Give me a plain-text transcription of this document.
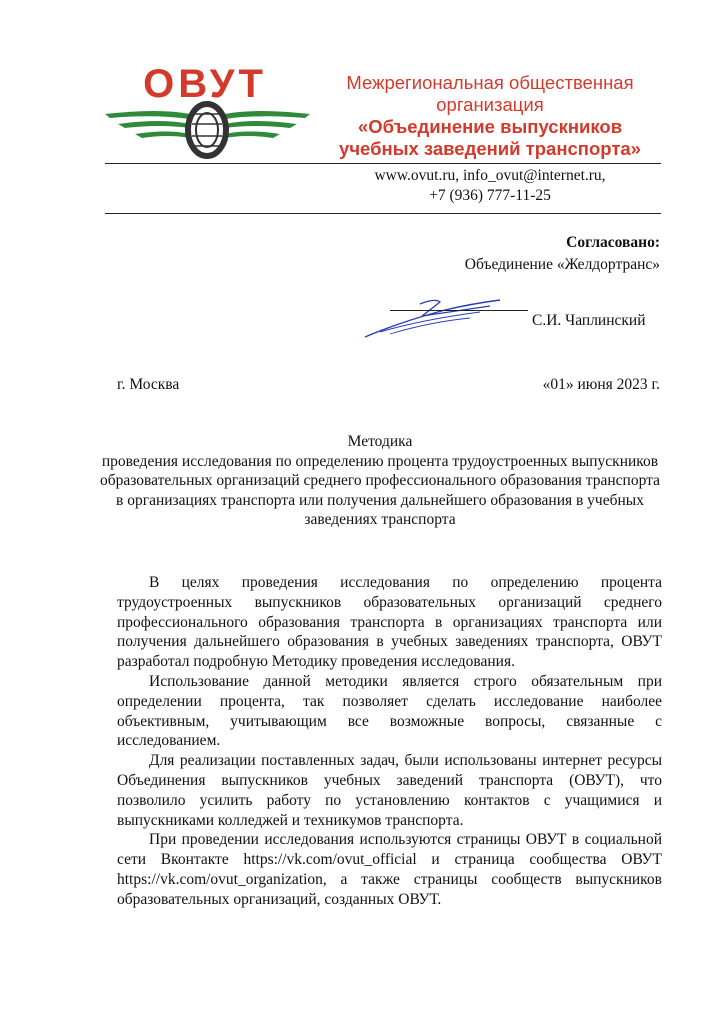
ОВУТ	Межрегиональная общественная
организация
«Объединение выпускников
учебных заведений транспорта»
www.ovut.ru, info_ovut@internet.ru,
+7 (936) 777-11-25
Согласовано:
Объединение «Желдортранс»
С.И. Чаплинский
г. Москва	«01» июня 2023 г.
Методика
проведения исследования по определению процента трудоустроенных выпускников образовательных организаций среднего профессионального образования транспорта в организациях транспорта или получения дальнейшего образования в учебных заведениях транспорта

В целях проведения исследования по определению процента трудоустроенных выпускников образовательных организаций среднего профессионального образования транспорта в организациях транспорта или получения дальнейшего образования в учебных заведениях транспорта, ОВУТ разработал подробную Методику проведения исследования.

Использование данной методики является строго обязательным при определении процента, так позволяет сделать исследование наиболее объективным, учитывающим все возможные вопросы, связанные с исследованием.

Для реализации поставленных задач, были использованы интернет ресурсы Объединения выпускников учебных заведений транспорта (ОВУТ), что позволило усилить работу по установлению контактов с учащимися и выпускниками колледжей и техникумов транспорта.

При проведении исследования используются страницы ОВУТ в социальной сети Вконтакте https://vk.com/ovut_official и страница сообщества ОВУТ https://vk.com/ovut_organization, а также страницы сообществ выпускников образовательных организаций, созданных ОВУТ.
